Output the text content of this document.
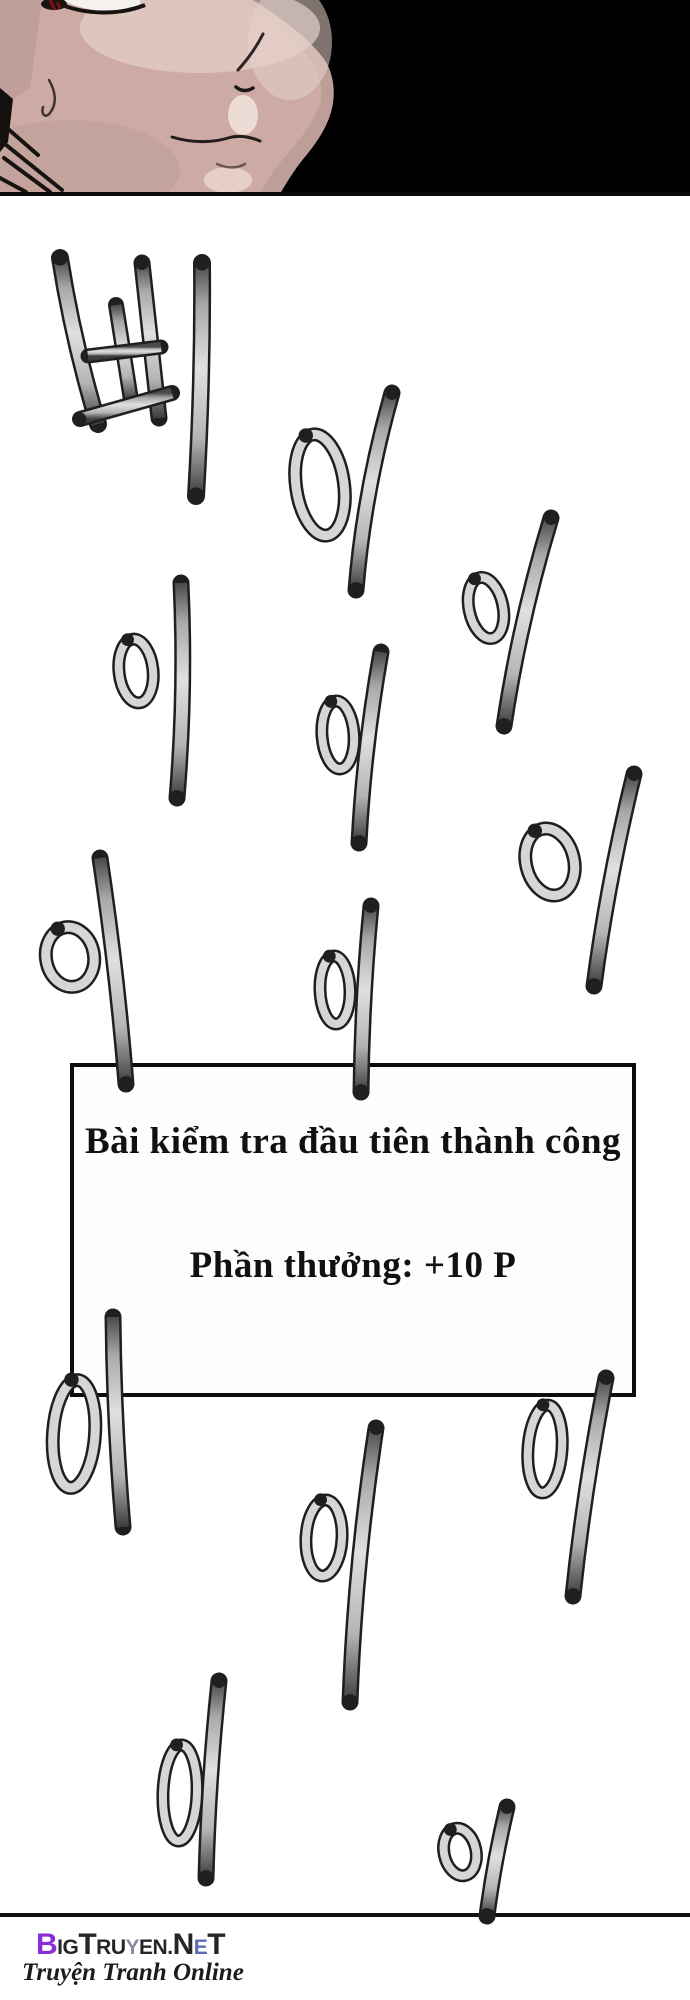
Bài kiểm tra đầu tiên thành công
Phần thưởng: +10 P
BIGTRUYEN.NET
Truyện Tranh Online
